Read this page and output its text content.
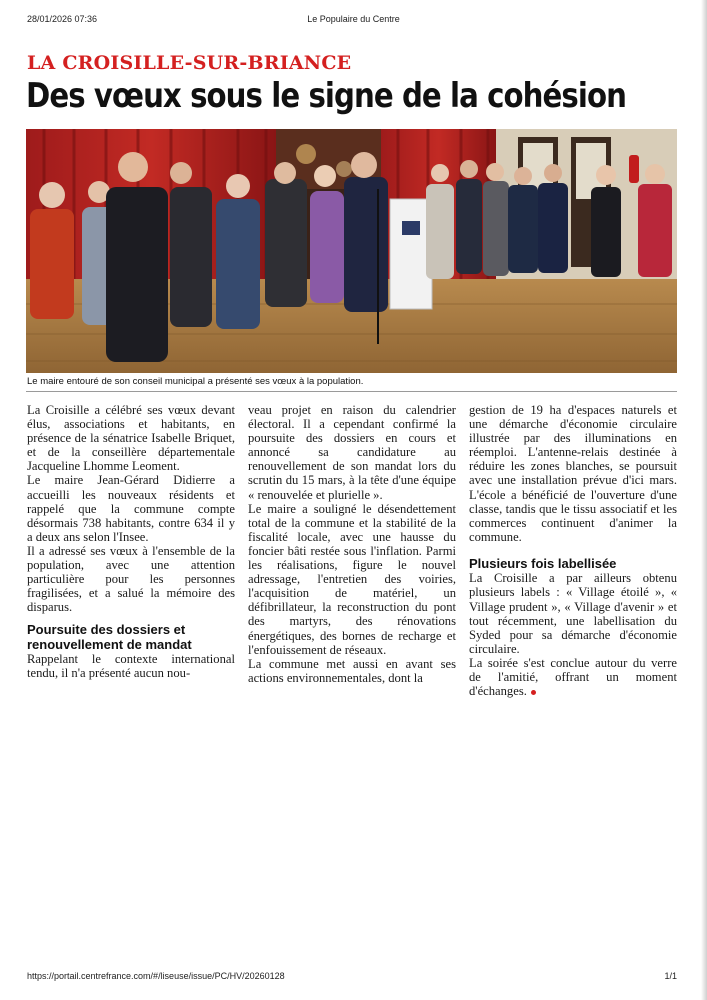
28/01/2026 07:36	Le Populaire du Centre
LA CROISILLE-SUR-BRIANCE
Des vœux sous le signe de la cohésion
Le maire entouré de son conseil municipal a présenté ses vœux à la population.

La Croisille a célébré ses vœux devant élus, associations et habitants, en présence de la sénatrice Isabelle Briquet, et de la conseillère départementale Jacqueline Lhomme Leoment.

Le maire Jean-Gérard Didierre a accueilli les nouveaux résidents et rappelé que la commune compte désormais 738 habitants, contre 634 il y a deux ans selon l'Insee.

Il a adressé ses vœux à l'ensemble de la population, avec une attention particulière pour les personnes fragilisées, et a salué la mémoire des disparus.

Poursuite des dossiers et renouvellement de mandat

Rappelant le contexte international tendu, il n'a présenté aucun nou-

veau projet en raison du calendrier électoral. Il a cependant confirmé la poursuite des dossiers en cours et annoncé sa candidature au renouvellement de son mandat lors du scrutin du 15 mars, à la tête d'une équipe « renouvelée et plurielle ».

Le maire a souligné le désendettement total de la commune et la stabilité de la fiscalité locale, avec une hausse du foncier bâti restée sous l'inflation. Parmi les réalisations, figure le nouvel adressage, l'entretien des voiries, l'acquisition de matériel, un défibrillateur, la reconstruction du pont des martyrs, des rénovations énergétiques, des bornes de recharge et l'enfouissement de réseaux.

La commune met aussi en avant ses actions environnementales, dont la

gestion de 19 ha d'espaces naturels et une démarche d'économie circulaire illustrée par des illuminations en réemploi. L'antenne-relais destinée à réduire les zones blanches, se poursuit avec une installation prévue d'ici mars. L'école a bénéficié de l'ouverture d'une classe, tandis que le tissu associatif et les commerces continuent d'animer la commune.

Plusieurs fois labellisée

La Croisille a par ailleurs obtenu plusieurs labels : « Village étoilé », « Village prudent », « Village d'avenir » et tout récemment, une labellisation du Syded pour sa démarche d'économie circulaire.

La soirée s'est conclue autour du verre de l'amitié, offrant un moment d'échanges.

https://portail.centrefrance.com/#/liseuse/issue/PC/HV/20260128	1/1
